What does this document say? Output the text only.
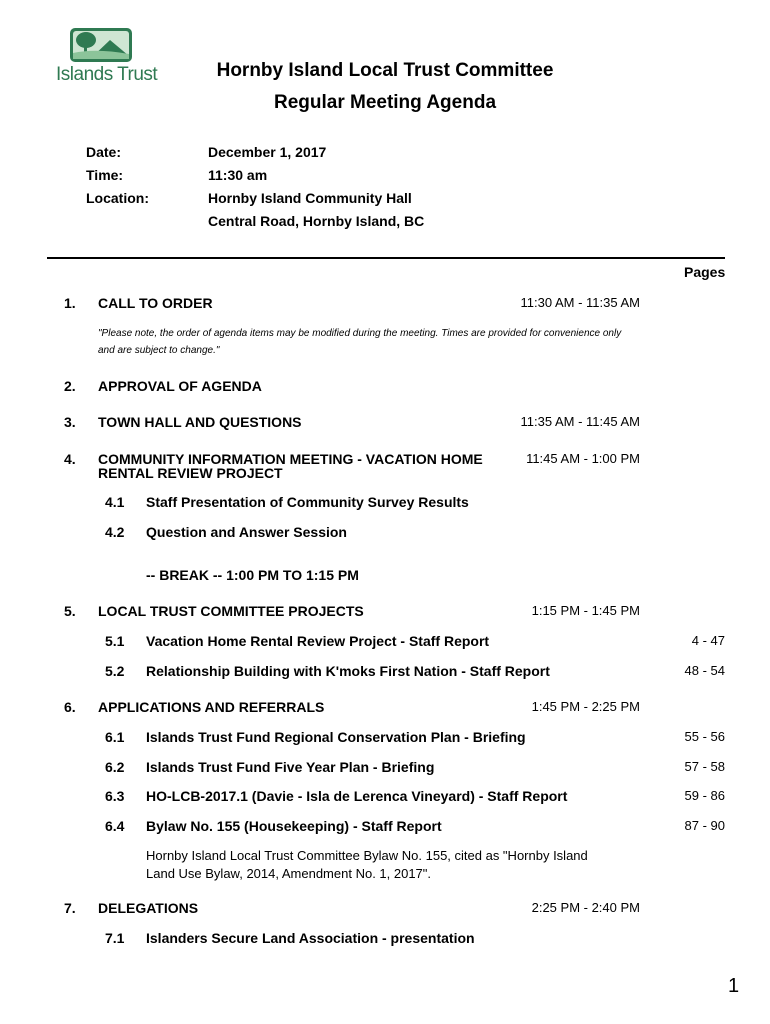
Islands Trust	Hornby Island Local Trust Committee
Regular Meeting Agenda
Date:	December 1, 2017
Time:	11:30 am
Location:	Hornby Island Community Hall
Central Road, Hornby Island, BC
Pages
1. CALL TO ORDER	11:30 AM - 11:35 AM
"Please note, the order of agenda items may be modified during the meeting. Times are provided for convenience only
and are subject to change."
2. APPROVAL OF AGENDA
3. TOWN HALL AND QUESTIONS	11:35 AM - 11:45 AM
4. COMMUNITY INFORMATION MEETING - VACATION HOME
RENTAL REVIEW PROJECT
11:45 AM - 1:00 PM
4.1 Staff Presentation of Community Survey Results
4.2 Question and Answer Session
-- BREAK -- 1:00 PM TO 1:15 PM
5. LOCAL TRUST COMMITTEE PROJECTS	1:15 PM - 1:45 PM
5.1 Vacation Home Rental Review Project - Staff Report	4 - 47
5.2 Relationship Building with K'moks First Nation - Staff Report	48 - 54
6. APPLICATIONS AND REFERRALS	1:45 PM - 2:25 PM
6.1 Islands Trust Fund Regional Conservation Plan - Briefing	55 - 56
6.2 Islands Trust Fund Five Year Plan - Briefing	57 - 58
6.3 HO-LCB-2017.1 (Davie - Isla de Lerenca Vineyard) - Staff Report	59 - 86
6.4 Bylaw No. 155 (Housekeeping) - Staff Report	87 - 90
Hornby Island Local Trust Committee Bylaw No. 155, cited as "Hornby Island
Land Use Bylaw, 2014, Amendment No. 1, 2017".
7. DELEGATIONS	2:25 PM - 2:40 PM
7.1 Islanders Secure Land Association - presentation
1
